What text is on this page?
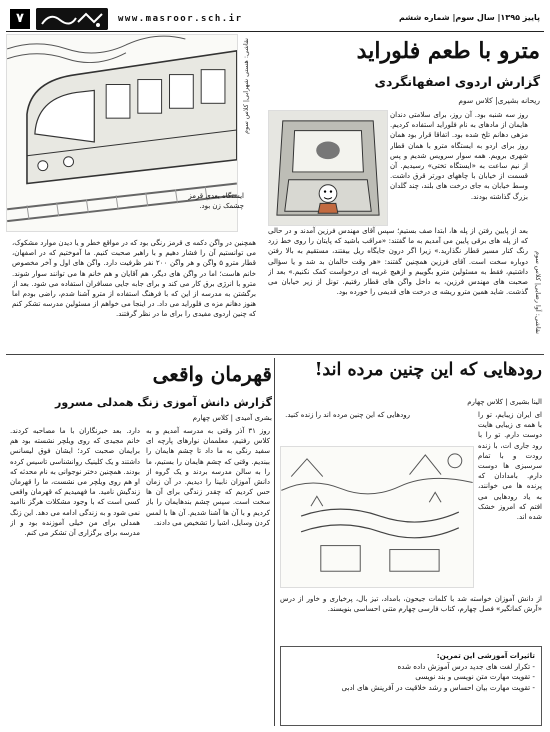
۷	www.masroor.sch.ir	پاییز ۱۳۹۵| سال سوم| شماره ششم
نقاشی: هستی شهرابی| کلاس سوم	مترو با طعم فلوراید
گزارش اردوی اصفهانگردی
ریحانه بشیری| کلاس سوم
نقاشی: آوا رضایی| کلاس سوم
روز سه شنبه بود. آن روز، برای سلامتی دندان هایمان از مادهای به نام فلوراید استفاده کردیم. مزهی دهانم تلخ شده بود. اتفاقا قرار بود همان روز برای اردو به ایستگاه مترو با همان قطار شهری برویم. همه سوار سرویس شدیم و پس از نیم ساعت به «ایستگاه تختی» رسیدیم. آن قسمت از خیابان با چاههای دورتر قرق داشت. وسط خیابان به جای درخت های بلند، چند گلدان بزرگ گذاشته بودند.
ایستگاه بعدی قرمز چشمک زن بود.
بعد از پایین رفتن از پله ها، ابتدا صف بستیم؛ سپس آقای مهندس فرزین آمدند و در حالی که از پله های برقی پایین می آمدیم به ما گفتند: «مراقب باشید که پایتان را روی خط زرد رنگ کنار مسیر قطار نگذارید.» زیرا اگر درون جایگاه ریل بیفتند، مستقیم به بالا رفتن دوباره سخت است. آقای فرزین همچنین گفتند: «هر وقت حالمان بد شد و یا سؤالی داشتیم، فقط به مسئولین مترو بگوییم و ازهیچ غریبه ای درخواست کمک نکنیم.» بعد از صحبت های مهندس فرزین، به داخل واگن های قطار رفتیم. تونل از زیر خیابان می گذشت. شاید همین مترو ریشه ی درخت های قدیمی را خورده بود.
همچنین در واگن دکمه ی قرمز رنگی بود که در مواقع خطر و یا دیدن موارد مشکوک، می توانستیم آن را فشار دهیم و با راهبر صحبت کنیم. ما آموختیم که در اصفهان، قطار مترو ۵ واگن و هر واگن ۲۰۰ نفر ظرفیت دارد. واگن های اول و آخر مخصوص خانم هاست؛ اما در واگن های دیگر، هم آقایان و هم خانم ها می توانند سوار شوند. مترو با انرژی برق کار می کند و برای جابه جایی مسافران استفاده می شود. بعد از برگشتن به مدرسه از این که با فرهنگ استفاده از مترو آشنا شدم، راضی بودم اما هنوز دهانم مزه ی فلوراید می داد. در اینجا می خواهم از مسئولین مدرسه تشکر کنم که چنین اردوی مفیدی را برای ما در نظر گرفتند.
قهرمان واقعی
گزارش دانش آموزی زنگ همدلی مسرور
بشری آمیدی | کلاس چهارم
روز ۳۱ آذر وقتی به مدرسه آمدیم و به کلاس رفتیم، معلممان نوارهای پارچه ای سفید رنگی به ما داد تا چشم هایمان را ببندیم. وقتی که چشم هایمان را بستیم، ما را به سالن مدرسه بردند و یک گروه از دانش آموزان نابینا را دیدیم. در آن زمان حس کردیم که چقدر زندگی برای آن ها سخت است. سپس چشم بندهایمان را باز کردیم و با آن ها آشنا شدیم. آن ها با لمس کردن وسایل، اشیا را تشخیص می دادند.
دارد. بعد خبرنگاران با ما مصاحبه کردند. خانم مجیدی که روی ویلچر نشسته بود هم برایمان صحبت کرد؛ ایشان فوق لیسانس داشتند و یک کلینیک روانشناسی تاسیس کرده بودند. همچنین دختر نوجوانی به نام محدثه که او هم روی ویلچر می نشست، ما را قهرمان زندگیش نامید. ما فهمیدیم که قهرمان واقعی کسی است که با وجود مشکلات هرگز ناامید نمی شود و به زندگی ادامه می دهد. این زنگ همدلی برای من خیلی آموزنده بود و از مدرسه برای برگزاری آن تشکر می کنم.
رودهایی که این چنین مرده اند!
الینا بشیری | کلاس چهارم
ای ایران زیبایم، تو را با همه ی زیبایی هایت دوست دارم. تو را با رود جاری ات، با زنده رودت و با تمام سرسبزی ها دوست دارم. بامدادان که پرنده ها می خوانند، به یاد رودهایی می افتم که امروز خشک شده اند.
رودهایی که این چنین مرده اند را زنده کنید.
از دانش آموزان خواسته شد با کلمات جیحون، بامداد، تیز بال، پرخیاری و خاور از درس «آرش کمانگیر» فصل چهارم، کتاب فارسی چهارم متنی احساسی بنویسند.
تاثیرات آموزشی این تمرین:
- تکرار لغت های جدید درس آموزش داده شده
- تقویت مهارت متن نویسی و بند نویسی
- تقویت مهارت بیان احساس و رشد خلاقیت در آفرینش های ادبی
